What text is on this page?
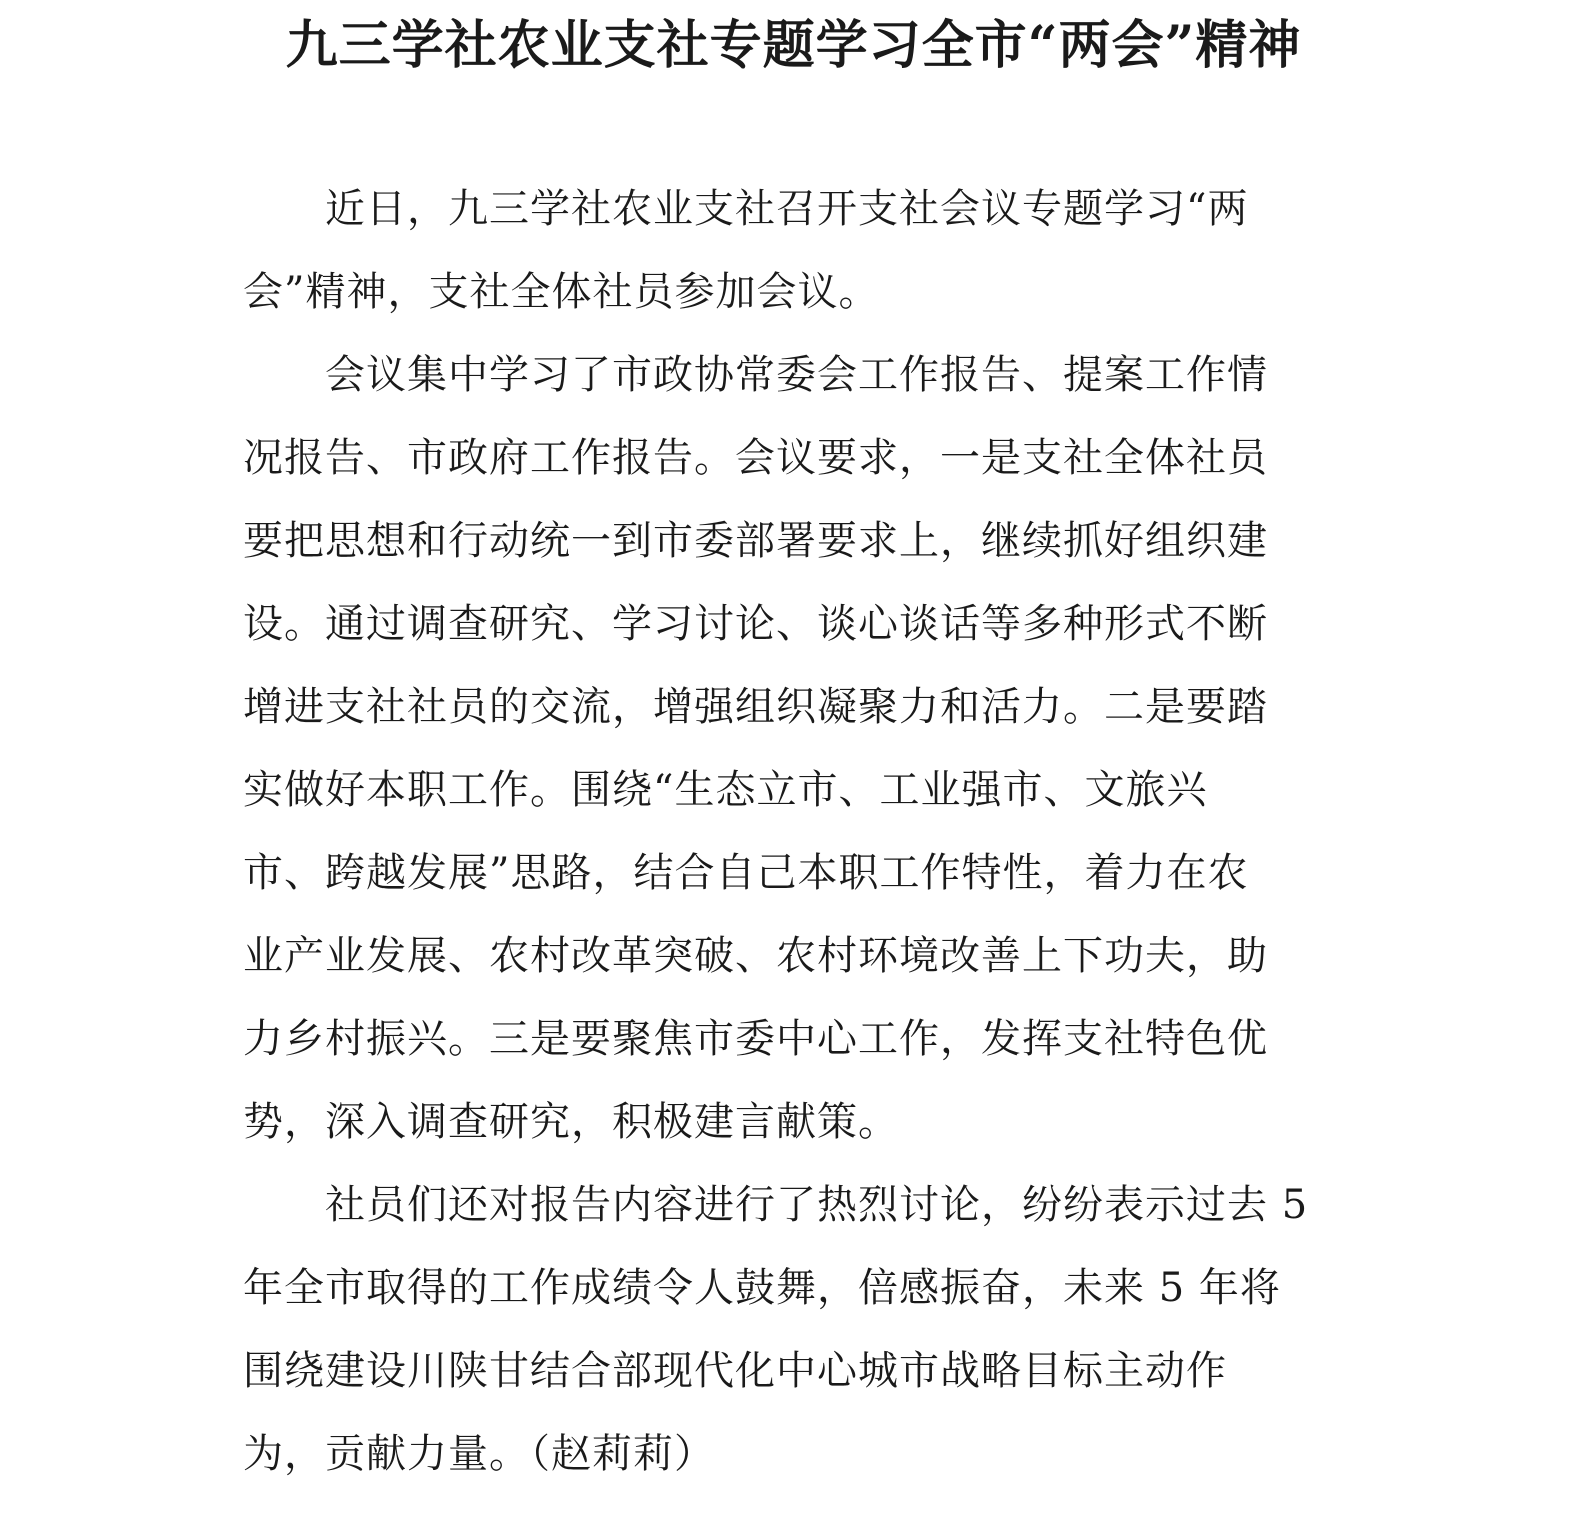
九三学社农业支社专题学习全市“两会”精神
近日，九三学社农业支社召开支社会议专题学习“两
会”精神，支社全体社员参加会议。
会议集中学习了市政协常委会工作报告、提案工作情
况报告、市政府工作报告。会议要求，一是支社全体社员
要把思想和行动统一到市委部署要求上，继续抓好组织建
设。通过调查研究、学习讨论、谈心谈话等多种形式不断
增进支社社员的交流，增强组织凝聚力和活力。二是要踏
实做好本职工作。围绕“生态立市、工业强市、文旅兴
市、跨越发展”思路，结合自己本职工作特性，着力在农
业产业发展、农村改革突破、农村环境改善上下功夫，助
力乡村振兴。三是要聚焦市委中心工作，发挥支社特色优
势，深入调查研究，积极建言献策。
社员们还对报告内容进行了热烈讨论，纷纷表示过去 5
年全市取得的工作成绩令人鼓舞，倍感振奋，未来 5 年将
围绕建设川陕甘结合部现代化中心城市战略目标主动作
为，贡献力量。（赵莉莉）
